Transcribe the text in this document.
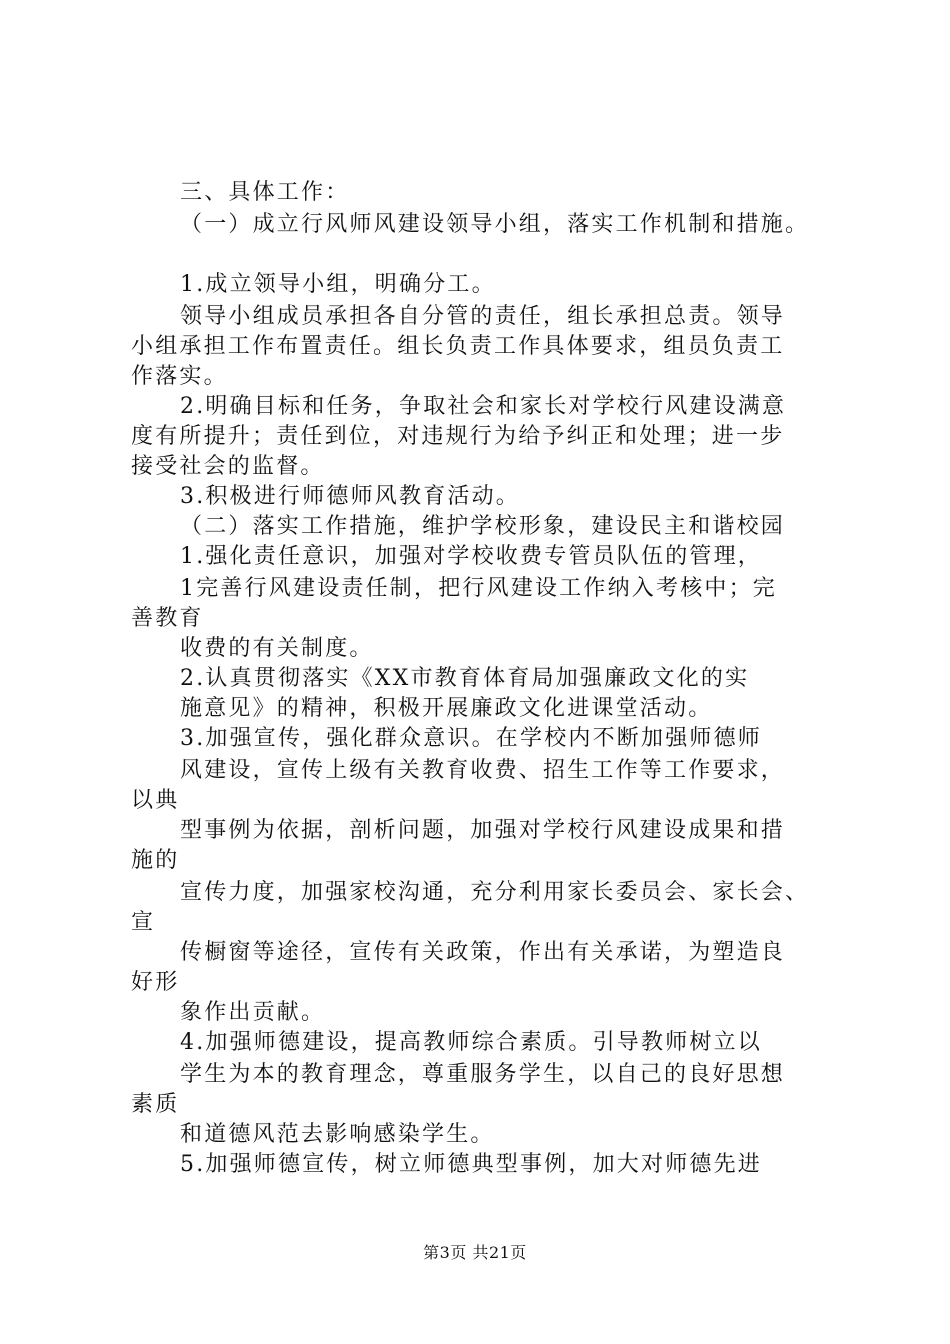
三、具体工作：
（一）成立行风师风建设领导小组，落实工作机制和措施。
1.成立领导小组，明确分工。
领导小组成员承担各自分管的责任，组长承担总责。领导
小组承担工作布置责任。组长负责工作具体要求，组员负责工
作落实。
2.明确目标和任务，争取社会和家长对学校行风建设满意
度有所提升；责任到位，对违规行为给予纠正和处理；进一步
接受社会的监督。
3.积极进行师德师风教育活动。
（二）落实工作措施，维护学校形象，建设民主和谐校园
1.强化责任意识，加强对学校收费专管员队伍的管理，
1完善行风建设责任制，把行风建设工作纳入考核中；完
善教育
收费的有关制度。
2.认真贯彻落实《XX市教育体育局加强廉政文化的实
施意见》的精神，积极开展廉政文化进课堂活动。
3.加强宣传，强化群众意识。在学校内不断加强师德师
风建设，宣传上级有关教育收费、招生工作等工作要求，
以典
型事例为依据，剖析问题，加强对学校行风建设成果和措
施的
宣传力度，加强家校沟通，充分利用家长委员会、家长会、
宣
传橱窗等途径，宣传有关政策，作出有关承诺，为塑造良
好形
象作出贡献。
4.加强师德建设，提高教师综合素质。引导教师树立以
学生为本的教育理念，尊重服务学生，以自己的良好思想
素质
和道德风范去影响感染学生。
5.加强师德宣传，树立师德典型事例，加大对师德先进
第3页 共21页
